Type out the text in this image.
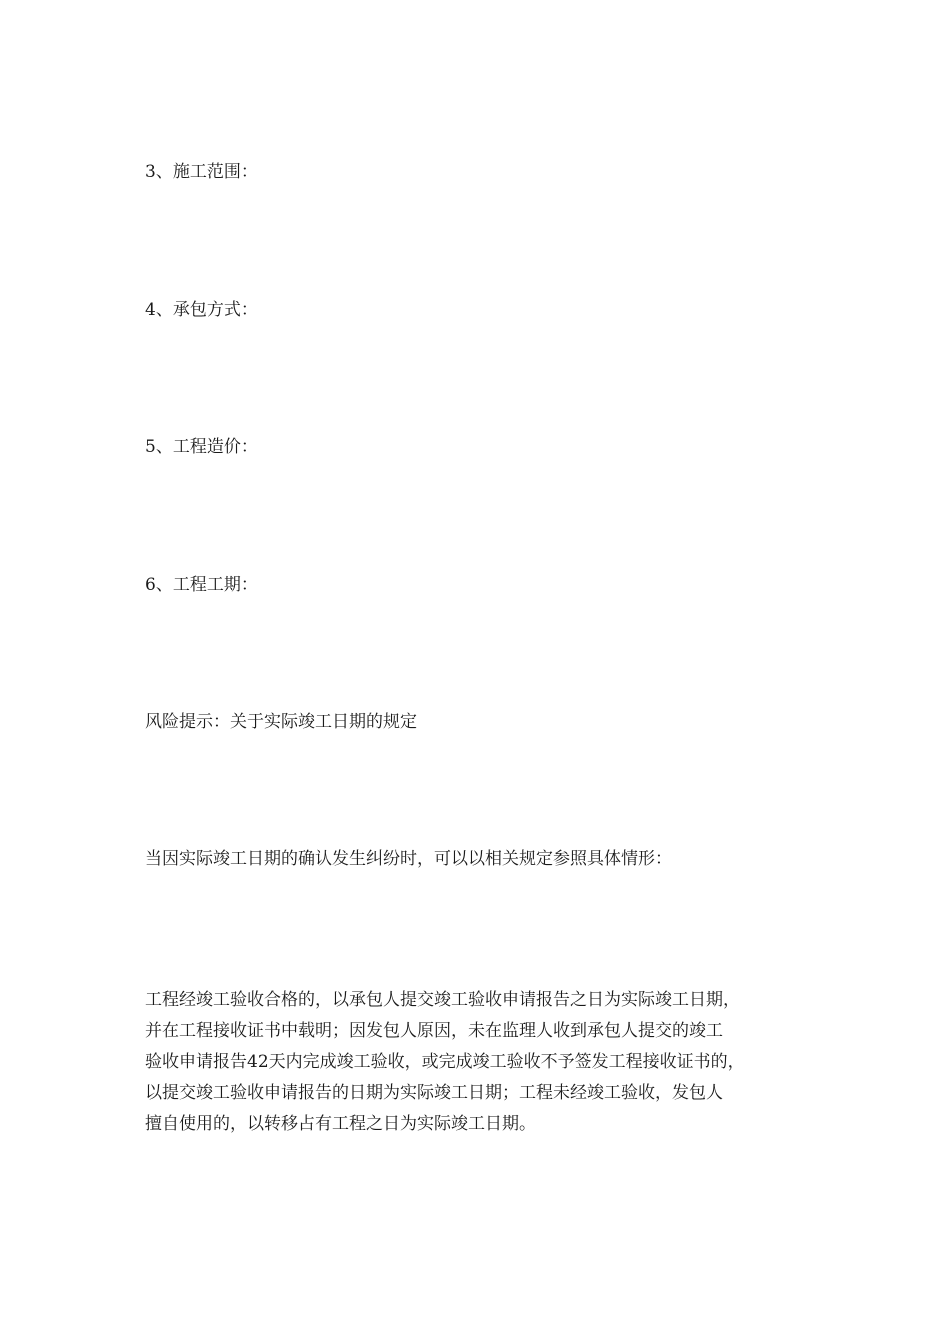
3、施工范围：
4、承包方式：
5、工程造价：
6、工程工期：
风险提示：关于实际竣工日期的规定
当因实际竣工日期的确认发生纠纷时，可以以相关规定参照具体情形：
工程经竣工验收合格的，以承包人提交竣工验收申请报告之日为实际竣工日期，
并在工程接收证书中载明；因发包人原因，未在监理人收到承包人提交的竣工
验收申请报告42天内完成竣工验收，或完成竣工验收不予签发工程接收证书的，
以提交竣工验收申请报告的日期为实际竣工日期；工程未经竣工验收，发包人
擅自使用的，以转移占有工程之日为实际竣工日期。
